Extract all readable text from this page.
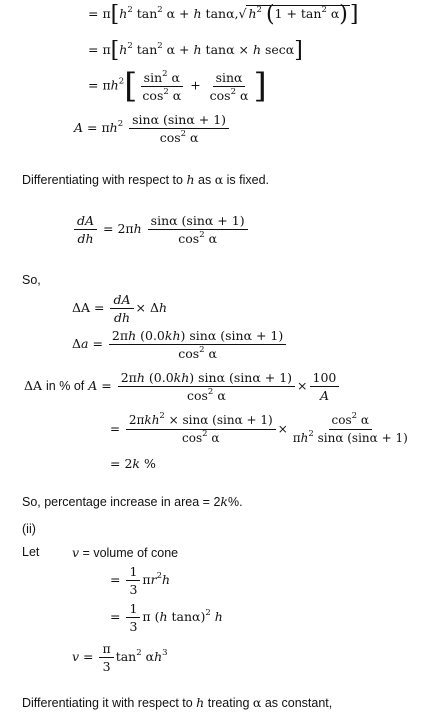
= $\pi[h^2$ $\tan^2 \alpha + h$ tanα,√ $h^2$ $(1 + \tan^2 \alpha)$]
= $\pi[h^2$ $\tan^2 \alpha + h$ tanα × h secα]
= $\pi h^2[ \frac{\sin^2 \alpha}{\cos^2 \alpha} + \frac{\sin\alpha}{\cos^2 \alpha}$ ]
$A = \pi h^2 \frac{\sin\alpha (\sin\alpha + 1)}{\cos^2 \alpha}$
Differentiating with respect to h as α is fixed.
$\frac{dA}{dh} = 2\pi h \frac{\sin\alpha (\sin\alpha + 1)}{\cos^2 \alpha}$
So,
$\Delta A = \frac{dA}{dh} \times \Delta h$
$\Delta a = \frac{2\pi h (0.0kh) \sin\alpha (\sin\alpha + 1)}{\cos^2 \alpha}$
ΔA in % of $A = \frac{2\pi h (0.0kh) \sin\alpha (\sin\alpha + 1)}{\cos^2 \alpha} \times \frac{100}{A}$
= $\frac{2\pi kh^2 \times \sin\alpha (\sin\alpha + 1)}{\cos^2 \alpha} \times \frac{\cos^2 \alpha}{\pi h^2 \sin\alpha (\sin\alpha + 1)}$
= 2k %
So, percentage increase in area = 2k%.
(ii)
Let	v = volume of cone
= $\frac{1}{3} \pi r^2h$
= $\frac{1}{3}$ π (h tanα)$^2$ h
$v = \frac{\pi}{3} \tan^2 \alpha h^3$
Differentiating it with respect to h treating α as constant,
